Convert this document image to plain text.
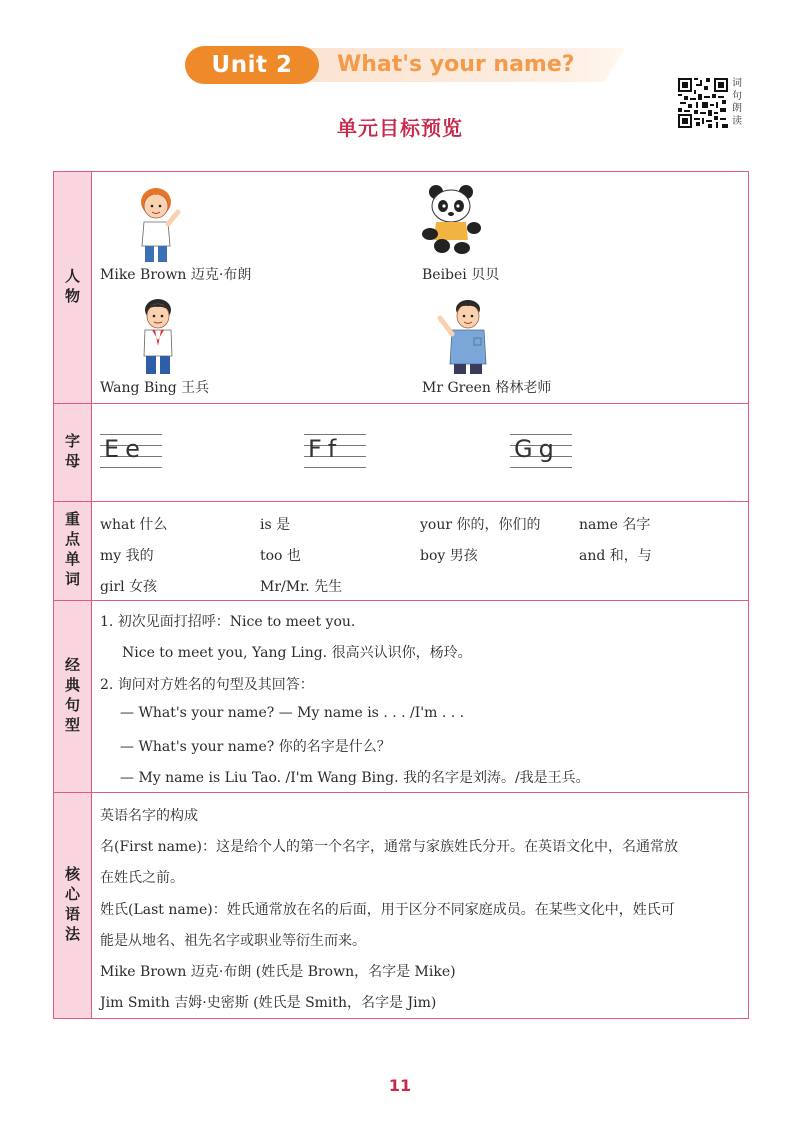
Unit 2	What's your name?
词句朗读
单元目标预览
人物 Mike Brown 迈克·布朗	Beibei 贝贝
Wang Bing 王兵	Mr Green 格林老师
字母 Ee	Ff	Gg
重点单词 what 什么	is 是	your 你的，你们的	name 名字
my 我的	too 也	boy 男孩	and 和，与
girl 女孩	Mr/Mr. 先生
经典句型
1. 初次见面打招呼：Nice to meet you.
Nice to meet you, Yang Ling. 很高兴认识你，杨玲。
2. 询问对方姓名的句型及其回答：
— What's your name? — My name is . . . /I'm . . .
— What's your name? 你的名字是什么？
— My name is Liu Tao. /I'm Wang Bing. 我的名字是刘涛。/我是王兵。
核心语法
英语名字的构成
名(First name)：这是给个人的第一个名字，通常与家族姓氏分开。在英语文化中，名通常放
在姓氏之前。
姓氏(Last name)：姓氏通常放在名的后面，用于区分不同家庭成员。在某些文化中，姓氏可
能是从地名、祖先名字或职业等衍生而来。
Mike Brown 迈克·布朗 (姓氏是 Brown，名字是 Mike)
Jim Smith 吉姆·史密斯 (姓氏是 Smith，名字是 Jim)
11
